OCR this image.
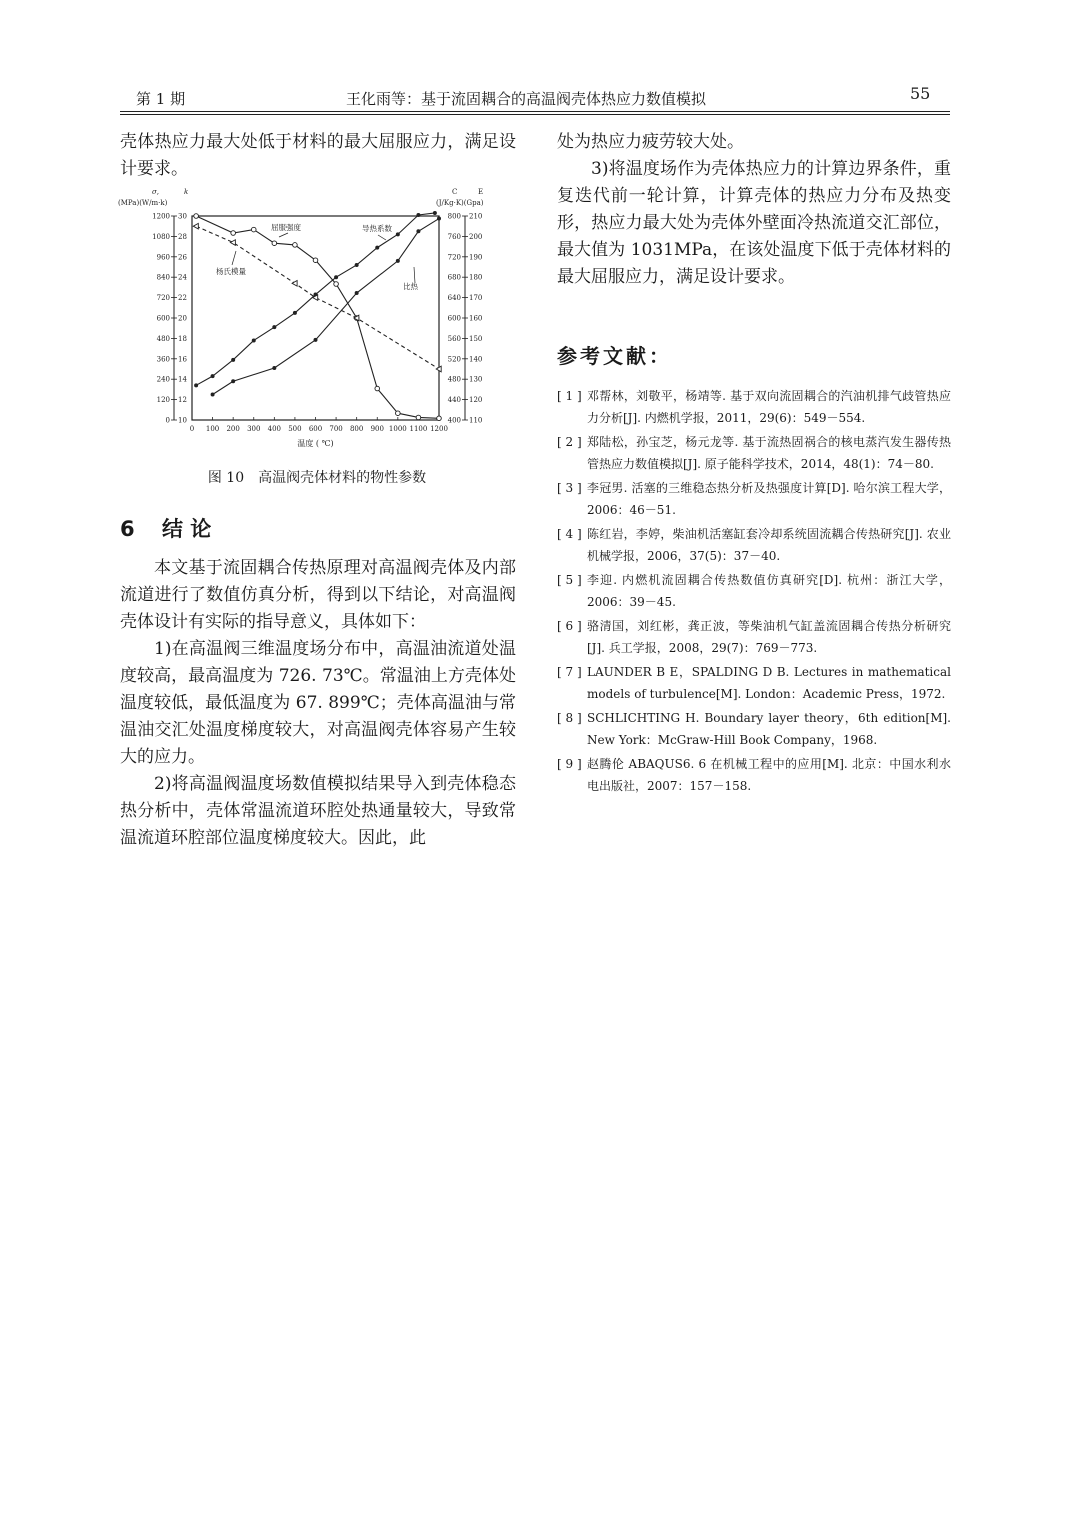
第 1 期	王化雨等：基于流固耦合的高温阀壳体热应力数值模拟	55

壳体热应力最大处低于材料的最大屈服应力，满足设计要求。

σ,	k
(MPa)(W/m·k)
C	E
(J/Kg·K)(Gpa)
0 10
120 12
240 14
360 16
480 18
600 20
720 22
840 24
960 26
1080 28
1200 30
400 110
440 120
480 130
520 140
560 150
600 160
640 170
680 180
720 190
760 200
800 210
0 100 200 300 400 500 600 700 800 900 1000 1100 1200
温度 ( ℃)
屈服强度	导热系数
比热
杨氏模量
图 10　高温阀壳体材料的物性参数
6 结 论

本文基于流固耦合传热原理对高温阀壳体及内部流道进行了数值仿真分析，得到以下结论，对高温阀壳体设计有实际的指导意义，具体如下：

1)在高温阀三维温度场分布中，高温油流道处温度较高，最高温度为 726. 73℃。常温油上方壳体处温度较低，最低温度为 67. 899℃；壳体高温油与常温油交汇处温度梯度较大，对高温阀壳体容易产生较大的应力。

2)将高温阀温度场数值模拟结果导入到壳体稳态热分析中，壳体常温流道环腔处热通量较大，导致常温流道环腔部位温度梯度较大。因此，此

处为热应力疲劳较大处。

3)将温度场作为壳体热应力的计算边界条件，重复迭代前一轮计算，计算壳体的热应力分布及热变形，热应力最大处为壳体外壁面冷热流道交汇部位，最大值为 1031MPa，在该处温度下低于壳体材料的最大屈服应力，满足设计要求。

参考文献：
[ 1 ] 邓帮林，刘敬平，杨靖等. 基于双向流固耦合的汽油机排气歧管热应力分析[J]. 内燃机学报，2011，29(6)：549－554.
[ 2 ] 郑陆松，孙宝芝，杨元龙等. 基于流热固祸合的核电蒸汽发生器传热管热应力数值模拟[J]. 原子能科学技术，2014，48(1)：74－80.
[ 3 ] 李冠男. 活塞的三维稳态热分析及热强度计算[D]. 哈尔滨工程大学，2006：46－51.
[ 4 ] 陈红岩，李婷，柴油机活塞缸套冷却系统固流耦合传热研究[J]. 农业机械学报，2006，37(5)：37－40.
[ 5 ] 李迎. 内燃机流固耦合传热数值仿真研究[D]. 杭州：浙江大学，2006：39－45.
[ 6 ] 骆清国，刘红彬，龚正波，等柴油机气缸盖流固耦合传热分析研究[J]. 兵工学报，2008，29(7)：769－773.
[ 7 ] LAUNDER B E，SPALDING D B. Lectures in mathematical models of turbulence[M]. London：Academic Press，1972.
[ 8 ] SCHLICHTING H. Boundary layer theory，6th edition[M]. New York：McGraw-Hill Book Company，1968.
[ 9 ] 赵腾伦 ABAQUS6. 6 在机械工程中的应用[M]. 北京：中国水利水电出版社，2007：157－158.
